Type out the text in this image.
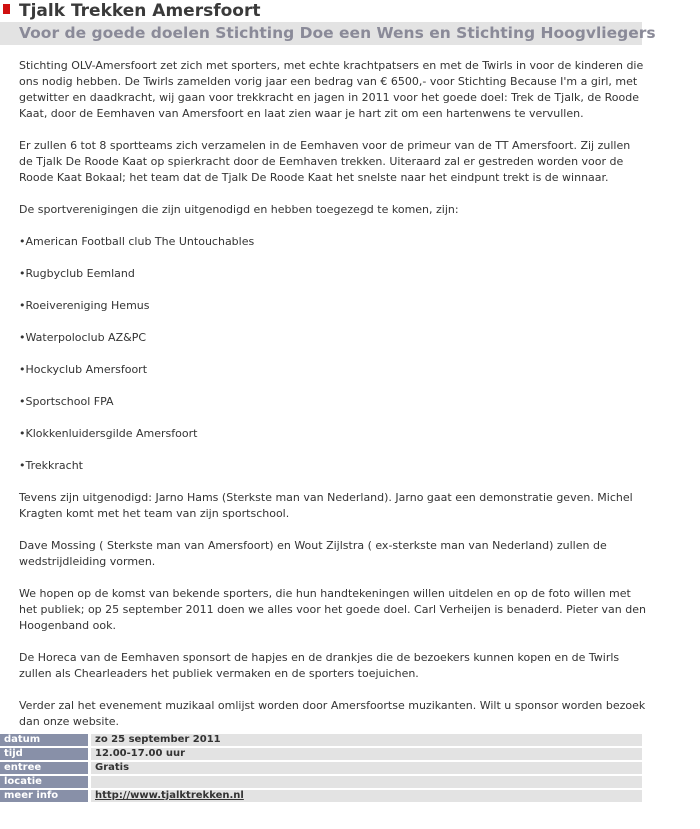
Tjalk Trekken Amersfoort
Voor de goede doelen Stichting Doe een Wens en Stichting Hoogvliegers

Stichting OLV-Amersfoort zet zich met sporters, met echte krachtpatsers en met de Twirls in voor de kinderen die ons nodig hebben. De Twirls zamelden vorig jaar een bedrag van € 6500,- voor Stichting Because I'm a girl, met getwitter en daadkracht, wij gaan voor trekkracht en jagen in 2011 voor het goede doel: Trek de Tjalk, de Roode Kaat, door de Eemhaven van Amersfoort en laat zien waar je hart zit om een hartenwens te vervullen.

Er zullen 6 tot 8 sportteams zich verzamelen in de Eemhaven voor de primeur van de TT Amersfoort. Zij zullen de Tjalk De Roode Kaat op spierkracht door de Eemhaven trekken. Uiteraard zal er gestreden worden voor de Roode Kaat Bokaal; het team dat de Tjalk De Roode Kaat het snelste naar het eindpunt trekt is de winnaar.

De sportverenigingen die zijn uitgenodigd en hebben toegezegd te komen, zijn:

•American Football club The Untouchables

•Rugbyclub Eemland

•Roeivereniging Hemus

•Waterpoloclub AZ&PC

•Hockyclub Amersfoort

•Sportschool FPA

•Klokkenluidersgilde Amersfoort

•Trekkracht

Tevens zijn uitgenodigd: Jarno Hams (Sterkste man van Nederland). Jarno gaat een demonstratie geven. Michel Kragten komt met het team van zijn sportschool.

Dave Mossing ( Sterkste man van Amersfoort) en Wout Zijlstra ( ex-sterkste man van Nederland) zullen de wedstrijdleiding vormen.

We hopen op de komst van bekende sporters, die hun handtekeningen willen uitdelen en op de foto willen met het publiek; op 25 september 2011 doen we alles voor het goede doel. Carl Verheijen is benaderd. Pieter van den Hoogenband ook.

De Horeca van de Eemhaven sponsort de hapjes en de drankjes die de bezoekers kunnen kopen en de Twirls zullen als Chearleaders het publiek vermaken en de sporters toejuichen.

Verder zal het evenement muzikaal omlijst worden door Amersfoortse muzikanten. Wilt u sponsor worden bezoek dan onze website.

datum		zo 25 september 2011
tijd		12.00-17.00 uur
entree		Gratis
locatie		
meer info		http://www.tjalktrekken.nl
